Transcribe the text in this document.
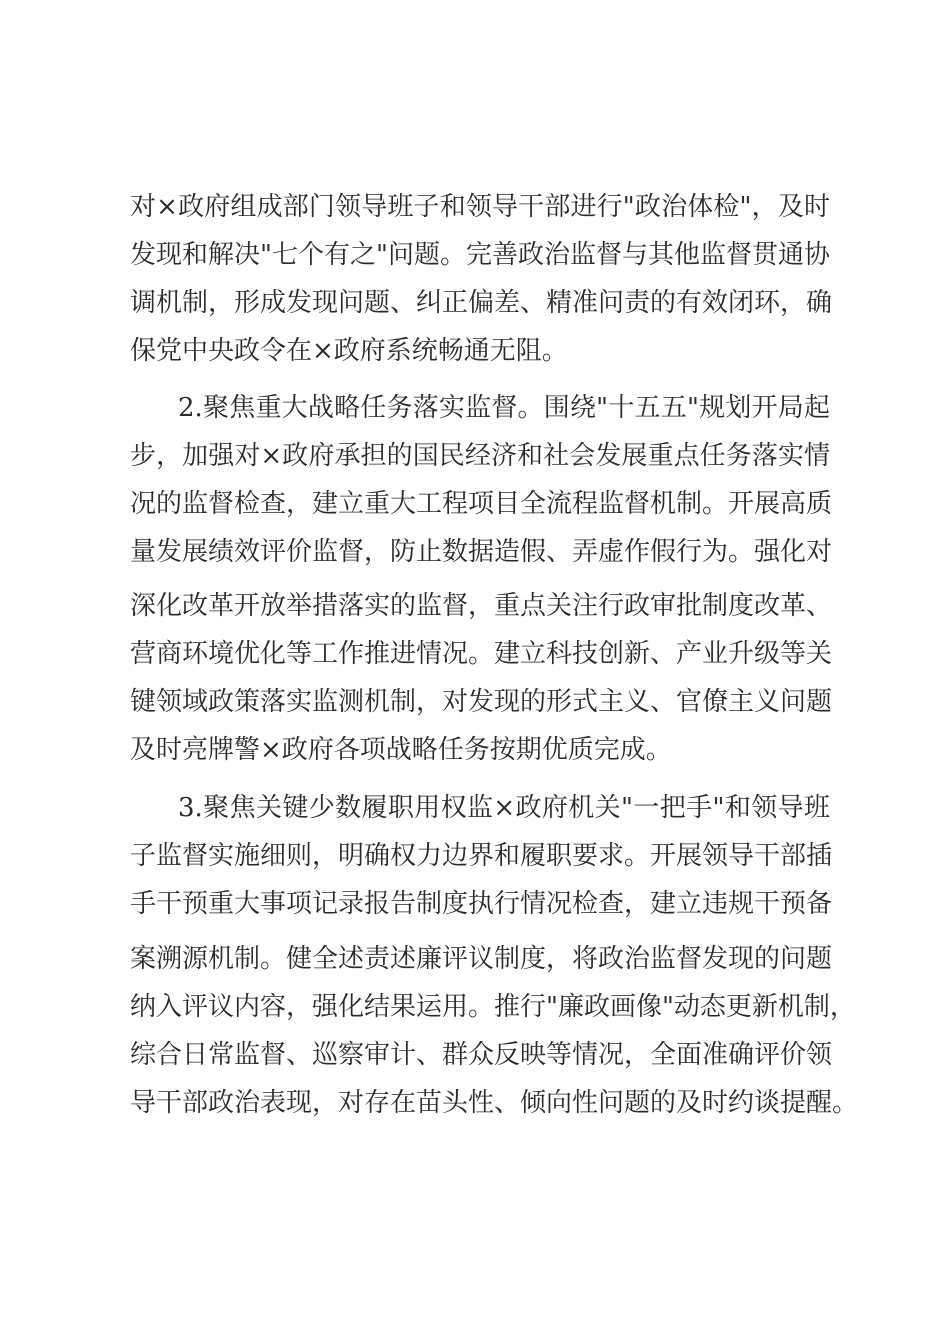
对×政府组成部门领导班子和领导干部进行"政治体检"，及时
发现和解决"七个有之"问题。完善政治监督与其他监督贯通协
调机制，形成发现问题、纠正偏差、精准问责的有效闭环，确
保党中央政令在×政府系统畅通无阻。
2.聚焦重大战略任务落实监督。围绕"十五五"规划开局起
步，加强对×政府承担的国民经济和社会发展重点任务落实情
况的监督检查，建立重大工程项目全流程监督机制。开展高质
量发展绩效评价监督，防止数据造假、弄虚作假行为。强化对
深化改革开放举措落实的监督，重点关注行政审批制度改革、
营商环境优化等工作推进情况。建立科技创新、产业升级等关
键领域政策落实监测机制，对发现的形式主义、官僚主义问题
及时亮牌警×政府各项战略任务按期优质完成。
3.聚焦关键少数履职用权监×政府机关"一把手"和领导班
子监督实施细则，明确权力边界和履职要求。开展领导干部插
手干预重大事项记录报告制度执行情况检查，建立违规干预备
案溯源机制。健全述责述廉评议制度，将政治监督发现的问题
纳入评议内容，强化结果运用。推行"廉政画像"动态更新机制，
综合日常监督、巡察审计、群众反映等情况，全面准确评价领
导干部政治表现，对存在苗头性、倾向性问题的及时约谈提醒。
